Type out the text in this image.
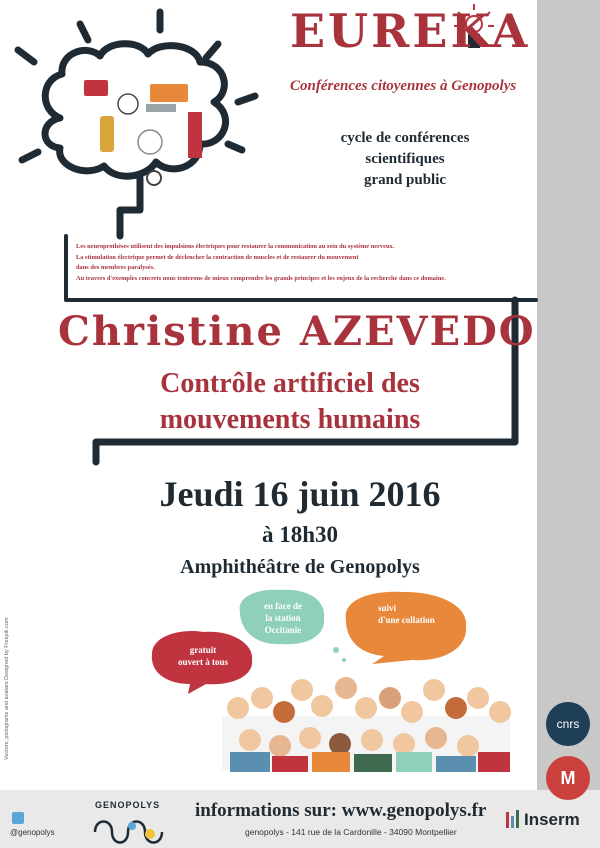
EUREKA
Conférences citoyennes à Genopolys
cycle de conférences
scientifiques
grand public
Les neuroprothèses utilisent des impulsions électriques pour restaurer la communication au sein du système nerveux.
La stimulation électrique permet de déclencher la contraction de muscles et de restaurer du mouvement
dans des membres paralysés.
Au travers d'exemples concrets nous tenterons de mieux comprendre les grands principes et les enjeux de la recherche dans ce domaine.
Christine AZEVEDO
Contrôle artificiel des
mouvements humains
Jeudi 16 juin 2016
à 18h30
Amphithéâtre de Genopolys
gratuit
ouvert à tous
en face de
la station
Occitanie
suivi
d'une collation
Vectors, pictograms and avatars Designed by Freepik.com
@genopolys
GENOPOLYS informations sur: www.genopolys.fr
genopolys - 141 rue de la Cardonille - 34090 Montpellier
cnrs
M
Inserm
